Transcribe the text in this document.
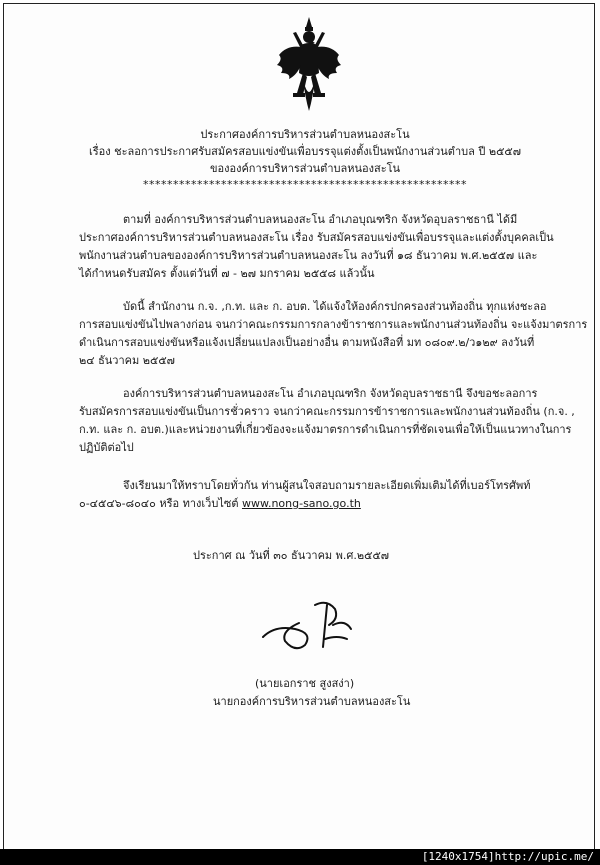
ประกาศองค์การบริหารส่วนตำบลหนองสะโน
เรื่อง ชะลอการประกาศรับสมัครสอบแข่งขันเพื่อบรรจุแต่งตั้งเป็นพนักงานส่วนตำบล ปี ๒๕๕๗
ขององค์การบริหารส่วนตำบลหนองสะโน
******************************************************
ตามที่ องค์การบริหารส่วนตำบลหนองสะโน อำเภอบุณฑริก จังหวัดอุบลราชธานี ได้มี
ประกาศองค์การบริหารส่วนตำบลหนองสะโน เรื่อง รับสมัครสอบแข่งขันเพื่อบรรจุและแต่งตั้งบุคคลเป็น
พนักงานส่วนตำบลขององค์การบริหารส่วนตำบลหนองสะโน ลงวันที่ ๑๘ ธันวาคม พ.ศ.๒๕๕๗ และ
ได้กำหนดรับสมัคร ตั้งแต่วันที่ ๗ - ๒๗ มกราคม ๒๕๕๘ แล้วนั้น
บัดนี้ สำนักงาน ก.จ. ,ก.ท. และ ก. อบต. ได้แจ้งให้องค์กรปกครองส่วนท้องถิ่น ทุกแห่งชะลอ
การสอบแข่งขันไปพลางก่อน จนกว่าคณะกรรมการกลางข้าราชการและพนักงานส่วนท้องถิ่น จะแจ้งมาตรการ
ดำเนินการสอบแข่งขันหรือแจ้งเปลี่ยนแปลงเป็นอย่างอื่น ตามหนังสือที่ มท ๐๘๐๙.๒/ว๑๒๙ ลงวันที่
๒๔ ธันวาคม ๒๕๕๗
องค์การบริหารส่วนตำบลหนองสะโน อำเภอบุณฑริก จังหวัดอุบลราชธานี จึงขอชะลอการ
รับสมัครการสอบแข่งขันเป็นการชั่วคราว จนกว่าคณะกรรมการข้าราชการและพนักงานส่วนท้องถิ่น (ก.จ. ,
ก.ท. และ ก. อบต.)และหน่วยงานที่เกี่ยวข้องจะแจ้งมาตรการดำเนินการที่ชัดเจนเพื่อให้เป็นแนวทางในการ
ปฏิบัติต่อไป
จึงเรียนมาให้ทราบโดยทั่วกัน ท่านผู้สนใจสอบถามรายละเอียดเพิ่มเติมได้ที่เบอร์โทรศัพท์
๐-๔๕๔๖-๘๐๔๐ หรือ ทางเว็บไซต์ www.nong-sano.go.th
ประกาศ ณ วันที่ ๓๐ ธันวาคม พ.ศ.๒๕๕๗
(นายเอกราช สูงสง่า)
นายกองค์การบริหารส่วนตำบลหนองสะโน
[1240x1754]http://upic.me/
